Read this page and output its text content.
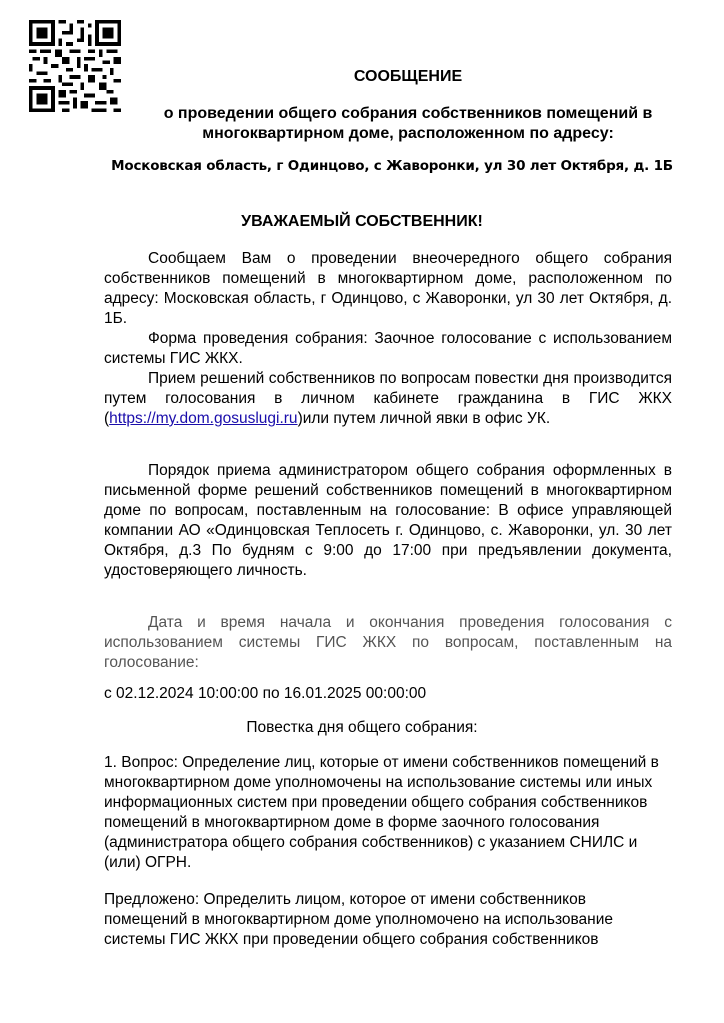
СООБЩЕНИЕ
о проведении общего собрания собственников помещений в многоквартирном доме, расположенном по адресу:
Московская область, г Одинцово, с Жаворонки, ул 30 лет Октября, д. 1Б
УВАЖАЕМЫЙ СОБСТВЕННИК!

Сообщаем Вам о проведении внеочередного общего собрания собственников помещений в многоквартирном доме, расположенном по адресу: Московская область, г Одинцово, с Жаворонки, ул 30 лет Октября, д. 1Б.

Форма проведения собрания: Заочное голосование с использованием системы ГИС ЖКХ.

Прием решений собственников по вопросам повестки дня производится путем голосования в личном кабинете гражданина в ГИС ЖКХ (https://my.dom.gosuslugi.ru)или путем личной явки в офис УК.

Порядок приема администратором общего собрания оформленных в письменной форме решений собственников помещений в многоквартирном доме по вопросам, поставленным на голосование: В офисе управляющей компании АО «Одинцовская Теплосеть г. Одинцово, с. Жаворонки, ул. 30 лет Октября, д.3 По будням с 9:00 до 17:00 при предъявлении документа, удостоверяющего личность.

Дата и время начала и окончания проведения голосования с использованием системы ГИС ЖКХ по вопросам, поставленным на голосование:

с 02.12.2024 10:00:00 по 16.01.2025 00:00:00
Повестка дня общего собрания:

1. Вопрос: Определение лиц, которые от имени собственников помещений в многоквартирном доме уполномочены на использование системы или иных информационных систем при проведении общего собрания собственников помещений в многоквартирном доме в форме заочного голосования (администратора общего собрания собственников) с указанием СНИЛС и (или) ОГРН.

Предложено: Определить лицом, которое от имени собственников помещений в многоквартирном доме уполномочено на использование системы ГИС ЖКХ при проведении общего собрания собственников
